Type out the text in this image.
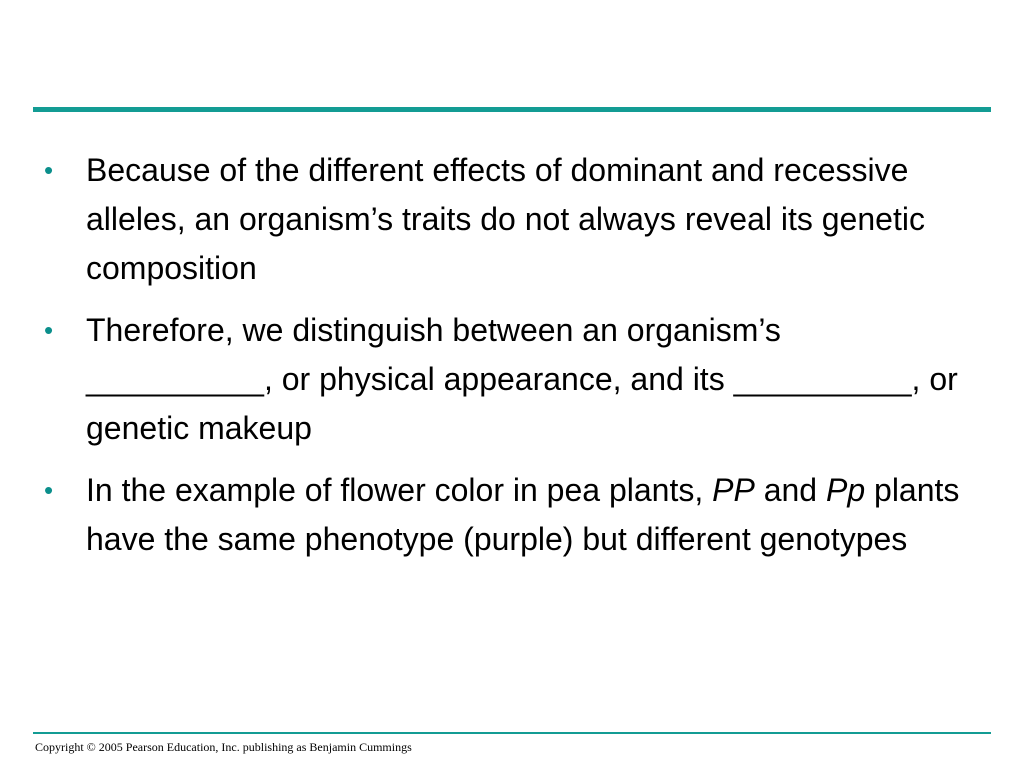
• Because of the different effects of dominant and recessive alleles, an organism’s traits do not always reveal its genetic composition
• Therefore, we distinguish between an organism’s __________, or physical appearance, and its __________, or genetic makeup
• In the example of flower color in pea plants, PP and Pp plants have the same phenotype (purple) but different genotypes
Copyright © 2005 Pearson Education, Inc. publishing as Benjamin Cummings
